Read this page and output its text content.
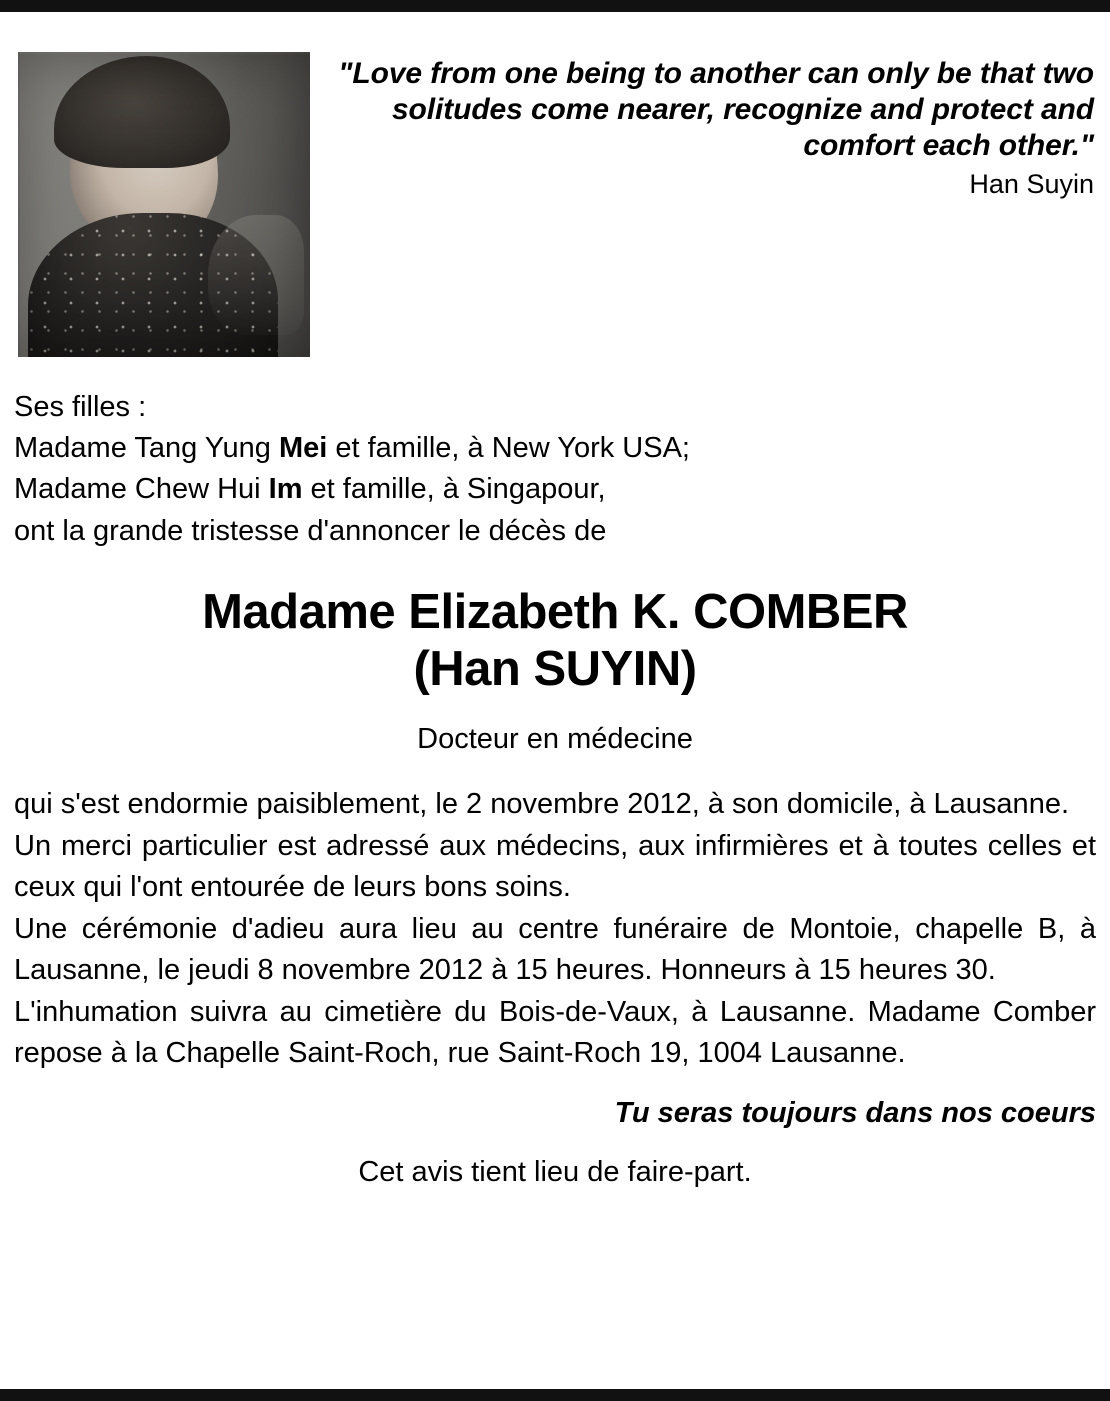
"Love from one being to another can only be that two solitudes come nearer, recognize and protect and comfort each other."
Han Suyin
Ses filles :
Madame Tang Yung Mei et famille, à New York USA;
Madame Chew Hui Im et famille, à Singapour,
ont la grande tristesse d'annoncer le décès de
Madame Elizabeth K. COMBER
(Han SUYIN)
Docteur en médecine

qui s'est endormie paisiblement, le 2 novembre 2012, à son domicile, à Lausanne.

Un merci particulier est adressé aux médecins, aux infirmières et à toutes celles et ceux qui l'ont entourée de leurs bons soins.

Une cérémonie d'adieu aura lieu au centre funéraire de Montoie, chapelle B, à Lausanne, le jeudi 8 novembre 2012 à 15 heures. Honneurs à 15 heures 30.

L'inhumation suivra au cimetière du Bois-de-Vaux, à Lausanne. Madame Comber repose à la Chapelle Saint-Roch, rue Saint-Roch 19, 1004 Lausanne.

Tu seras toujours dans nos coeurs
Cet avis tient lieu de faire-part.
